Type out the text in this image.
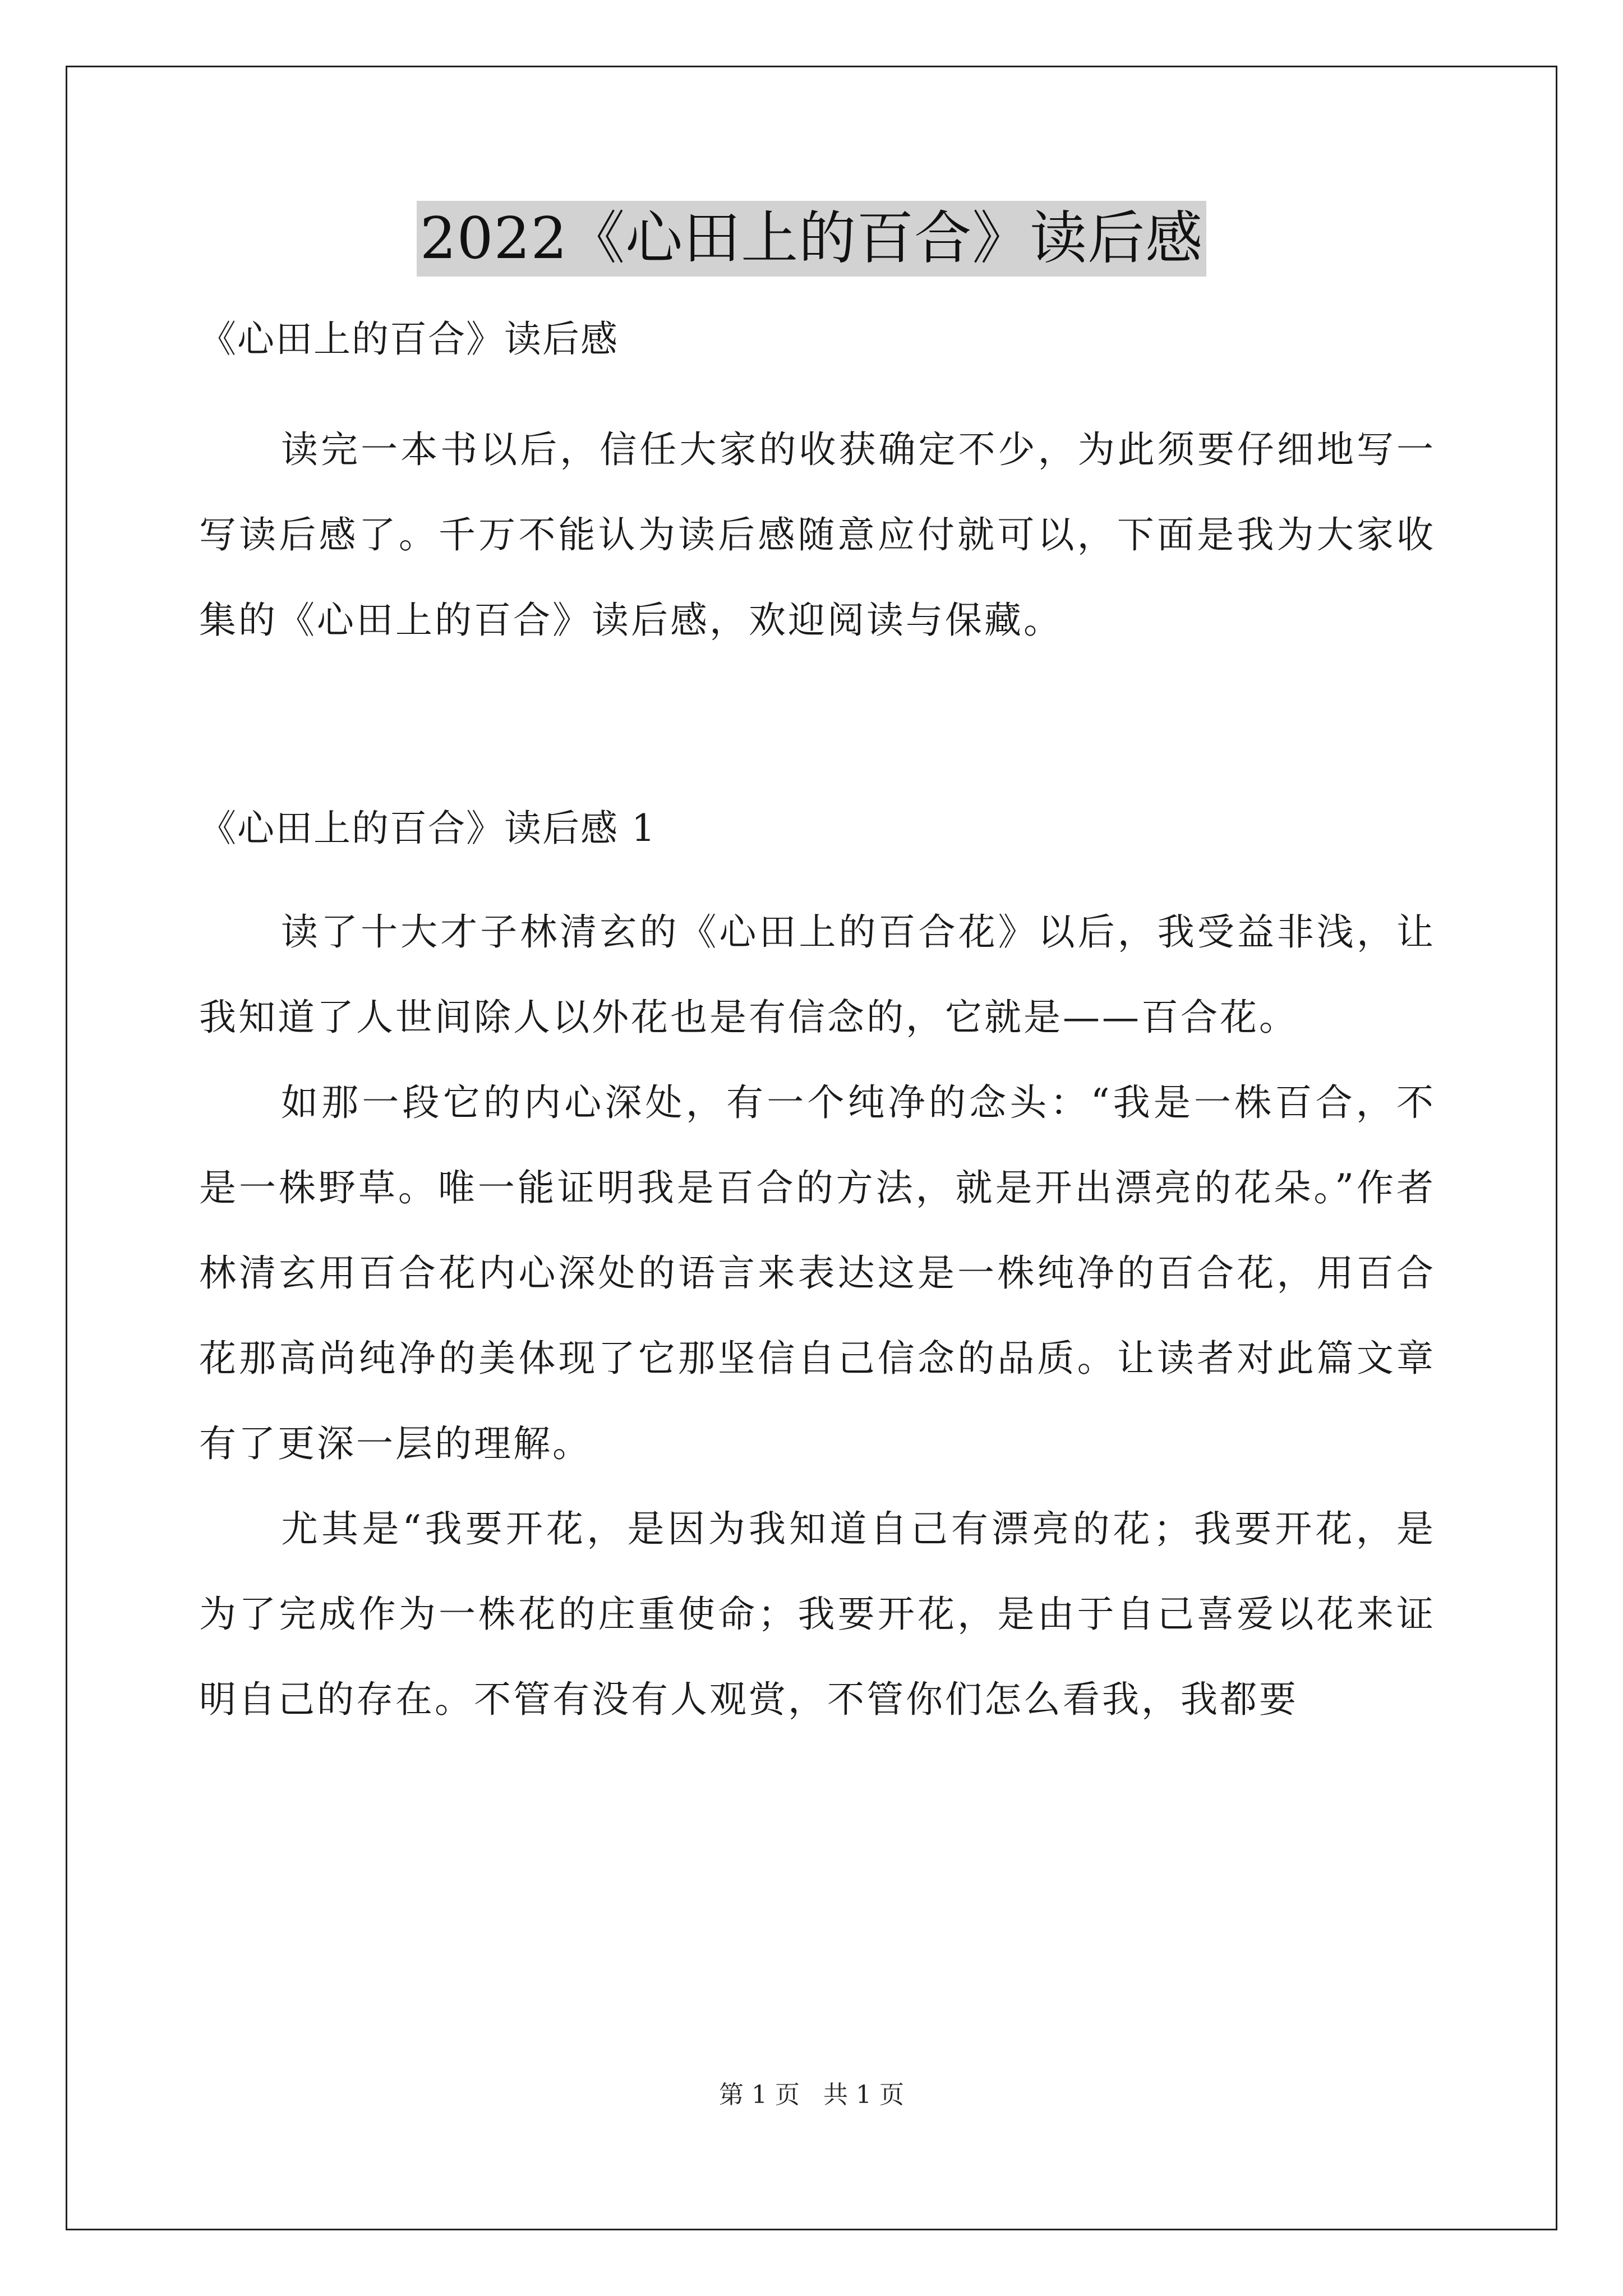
2022《心田上的百合》读后感

《心田上的百合》读后感

读完一本书以后，信任大家的收获确定不少，为此须要仔细地写一写读后感了。千万不能认为读后感随意应付就可以，下面是我为大家收集的《心田上的百合》读后感，欢迎阅读与保藏。

《心田上的百合》读后感 1

读了十大才子林清玄的《心田上的百合花》以后，我受益非浅，让我知道了人世间除人以外花也是有信念的，它就是——百合花。

如那一段它的内心深处，有一个纯净的念头：“我是一株百合，不是一株野草。唯一能证明我是百合的方法，就是开出漂亮的花朵。”作者林清玄用百合花内心深处的语言来表达这是一株纯净的百合花，用百合花那高尚纯净的美体现了它那坚信自己信念的品质。让读者对此篇文章有了更深一层的理解。

尤其是“我要开花，是因为我知道自己有漂亮的花；我要开花，是为了完成作为一株花的庄重使命；我要开花，是由于自己喜爱以花来证明自己的存在。不管有没有人观赏，不管你们怎么看我，我都要

第 1 页 共 1 页
